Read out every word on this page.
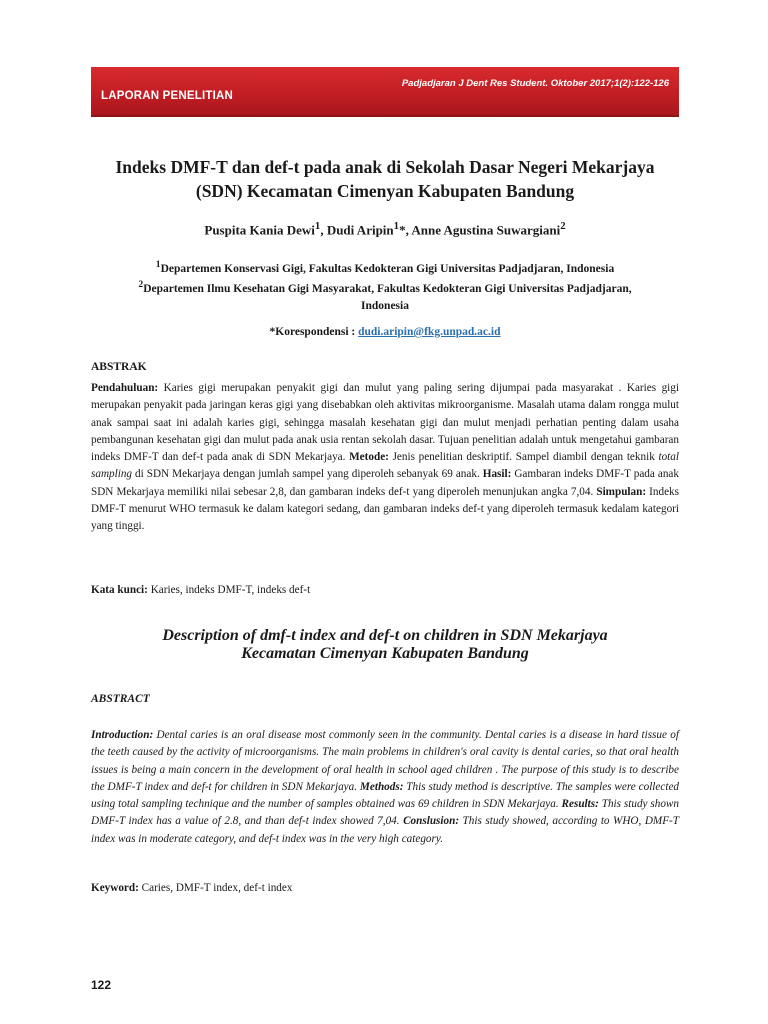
Padjadjaran J Dent Res Student. Oktober 2017;1(2):122-126
LAPORAN PENELITIAN
Indeks DMF-T dan def-t pada anak di Sekolah Dasar Negeri Mekarjaya
(SDN) Kecamatan Cimenyan Kabupaten Bandung
Puspita Kania Dewi$^1$, Dudi Aripin$^1$*, Anne Agustina Suwargiani$^2$
$^1$Departemen Konservasi Gigi, Fakultas Kedokteran Gigi Universitas Padjadjaran, Indonesia
$^2$Departemen Ilmu Kesehatan Gigi Masyarakat, Fakultas Kedokteran Gigi Universitas Padjadjaran,
Indonesia
*Korespondensi : dudi.aripin@fkg.unpad.ac.id
ABSTRAK

Pendahuluan: Karies gigi merupakan penyakit gigi dan mulut yang paling sering dijumpai pada masyarakat . Karies gigi merupakan penyakit pada jaringan keras gigi yang disebabkan oleh aktivitas mikroorganisme. Masalah utama dalam rongga mulut anak sampai saat ini adalah karies gigi, sehingga masalah kesehatan gigi dan mulut menjadi perhatian penting dalam usaha pembangunan kesehatan gigi dan mulut pada anak usia rentan sekolah dasar. Tujuan penelitian adalah untuk mengetahui gambaran indeks DMF-T dan def-t pada anak di SDN Mekarjaya. Metode: Jenis penelitian deskriptif. Sampel diambil dengan teknik total sampling di SDN Mekarjaya dengan jumlah sampel yang diperoleh sebanyak 69 anak. Hasil: Gambaran indeks DMF-T pada anak SDN Mekarjaya memiliki nilai sebesar 2,8, dan gambaran indeks def-t yang diperoleh menunjukan angka 7,04. Simpulan: Indeks DMF-T menurut WHO termasuk ke dalam kategori sedang, dan gambaran indeks def-t yang diperoleh termasuk kedalam kategori yang tinggi.

Kata kunci: Karies, indeks DMF-T, indeks def-t

Description of dmf-t index and def-t on children in SDN Mekarjaya
Kecamatan Cimenyan Kabupaten Bandung
ABSTRACT

Introduction: Dental caries is an oral disease most commonly seen in the community. Dental caries is a disease in hard tissue of the teeth caused by the activity of microorganisms. The main problems in children's oral cavity is dental caries, so that oral health issues is being a main concern in the development of oral health in school aged children . The purpose of this study is to describe the DMF-T index and def-t for children in SDN Mekarjaya. Methods: This study method is descriptive. The samples were collected using total sampling technique and the number of samples obtained was 69 children in SDN Mekarjaya. Results: This study shown DMF-T index has a value of 2.8, and than def-t index showed 7,04. Conslusion: This study showed, according to WHO, DMF-T index was in moderate category, and def-t index was in the very high category.

Keyword: Caries, DMF-T index, def-t index

122
